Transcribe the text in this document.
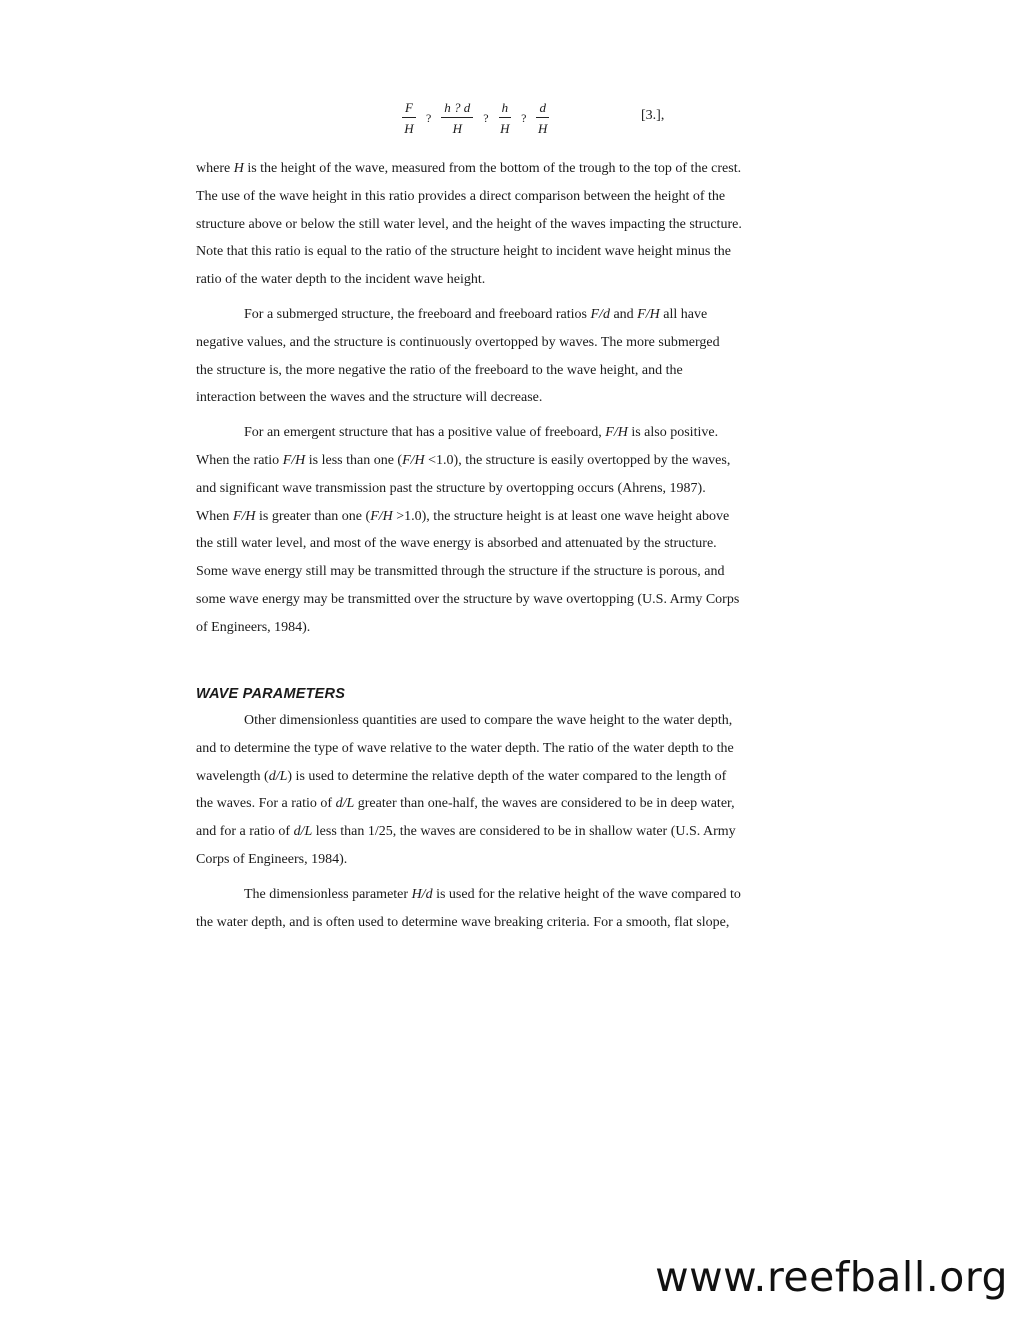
$\frac{F}{H}$ ? $\frac{h ? d}{H}$ ? $\frac{h}{H}$ ? $\frac{d}{H}$	[3.],

where H is the height of the wave, measured from the bottom of the trough to the top of the crest.
The use of the wave height in this ratio provides a direct comparison between the height of the
structure above or below the still water level, and the height of the waves impacting the structure.
Note that this ratio is equal to the ratio of the structure height to incident wave height minus the
ratio of the water depth to the incident wave height.

For a submerged structure, the freeboard and freeboard ratios F/d and F/H all have
negative values, and the structure is continuously overtopped by waves. The more submerged
the structure is, the more negative the ratio of the freeboard to the wave height, and the
interaction between the waves and the structure will decrease.

For an emergent structure that has a positive value of freeboard, F/H is also positive.
When the ratio F/H is less than one (F/H <1.0), the structure is easily overtopped by the waves,
and significant wave transmission past the structure by overtopping occurs (Ahrens, 1987).
When F/H is greater than one (F/H >1.0), the structure height is at least one wave height above
the still water level, and most of the wave energy is absorbed and attenuated by the structure.
Some wave energy still may be transmitted through the structure if the structure is porous, and
some wave energy may be transmitted over the structure by wave overtopping (U.S. Army Corps
of Engineers, 1984).

WAVE PARAMETERS

Other dimensionless quantities are used to compare the wave height to the water depth,
and to determine the type of wave relative to the water depth. The ratio of the water depth to the
wavelength (d/L) is used to determine the relative depth of the water compared to the length of
the waves. For a ratio of d/L greater than one-half, the waves are considered to be in deep water,
and for a ratio of d/L less than 1/25, the waves are considered to be in shallow water (U.S. Army
Corps of Engineers, 1984).

The dimensionless parameter H/d is used for the relative height of the wave compared to
the water depth, and is often used to determine wave breaking criteria. For a smooth, flat slope,

www.reefball.org
